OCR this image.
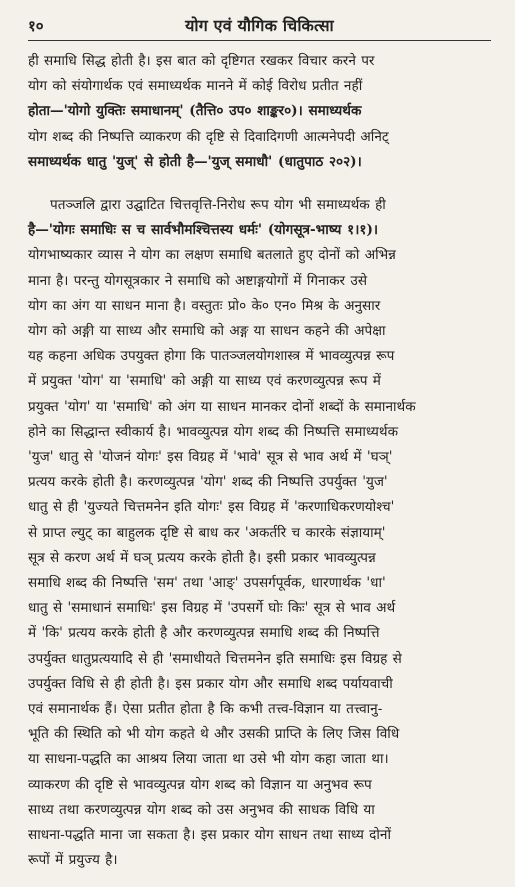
१०	योग एवं यौगिक चिकित्सा

ही समाधि सिद्ध होती है। इस बात को दृष्टिगत रखकर विचार करने पर
योग को संयोगार्थक एवं समाध्यर्थक मानने में कोई विरोध प्रतीत नहीं
होता—'योगो युक्तिः समाधानम्' (तैत्ति० उप० शाङ्कर०)। समाध्यर्थक
योग शब्द की निष्पत्ति व्याकरण की दृष्टि से दिवादिगणी आत्मनेपदी अनिट्
समाध्यर्थक धातु 'युज्' से होती है—'युज् समाधौ' (धातुपाठ २०२)।

पतञ्जलि द्वारा उद्घाटित चित्तवृत्ति-निरोध रूप योग भी समाध्यर्थक ही
है—'योगः समाधिः स च सार्वभौमश्चित्तस्य धर्मः' (योगसूत्र-भाष्य १।१)।
योगभाष्यकार व्यास ने योग का लक्षण समाधि बतलाते हुए दोनों को अभिन्न
माना है। परन्तु योगसूत्रकार ने समाधि को अष्टाङ्गयोगों में गिनाकर उसे
योग का अंग या साधन माना है। वस्तुतः प्रो० के० एन० मिश्र के अनुसार
योग को अङ्गी या साध्य और समाधि को अङ्ग या साधन कहने की अपेक्षा
यह कहना अधिक उपयुक्त होगा कि पातञ्जलयोगशास्त्र में भावव्युत्पन्न रूप
में प्रयुक्त 'योग' या 'समाधि' को अङ्गी या साध्य एवं करणव्युत्पन्न रूप में
प्रयुक्त 'योग' या 'समाधि' को अंग या साधन मानकर दोनों शब्दों के समानार्थक
होने का सिद्धान्त स्वीकार्य है। भावव्युत्पन्न योग शब्द की निष्पत्ति समाध्यर्थक
'युज' धातु से 'योजनं योगः' इस विग्रह में 'भावे' सूत्र से भाव अर्थ में 'घञ्'
प्रत्यय करके होती है। करणव्युत्पन्न 'योग' शब्द की निष्पत्ति उपर्युक्त 'युज'
धातु से ही 'युज्यते चित्तमनेन इति योगः' इस विग्रह में 'करणाधिकरणयोश्च'
से प्राप्त ल्युट् का बाहुलक दृष्टि से बाध कर 'अकर्तरि च कारके संज्ञायाम्'
सूत्र से करण अर्थ में घञ् प्रत्यय करके होती है। इसी प्रकार भावव्युत्पन्न
समाधि शब्द की निष्पत्ति 'सम' तथा 'आङ्' उपसर्गपूर्वक, धारणार्थक 'धा'
धातु से 'समाधानं समाधिः' इस विग्रह में 'उपसर्गे घोः किः' सूत्र से भाव अर्थ
में 'कि' प्रत्यय करके होती है और करणव्युत्पन्न समाधि शब्द की निष्पत्ति
उपर्युक्त धातुप्रत्ययादि से ही 'समाधीयते चित्तमनेन इति समाधिः इस विग्रह से
उपर्युक्त विधि से ही होती है। इस प्रकार योग और समाधि शब्द पर्यायवाची
एवं समानार्थक हैं। ऐसा प्रतीत होता है कि कभी तत्त्व-विज्ञान या तत्त्वानु-
भूति की स्थिति को भी योग कहते थे और उसकी प्राप्ति के लिए जिस विधि
या साधना-पद्धति का आश्रय लिया जाता था उसे भी योग कहा जाता था।
व्याकरण की दृष्टि से भावव्युत्पन्न योग शब्द को विज्ञान या अनुभव रूप
साध्य तथा करणव्युत्पन्न योग शब्द को उस अनुभव की साधक विधि या
साधना-पद्धति माना जा सकता है। इस प्रकार योग साधन तथा साध्य दोनों
रूपों में प्रयुज्य है।
